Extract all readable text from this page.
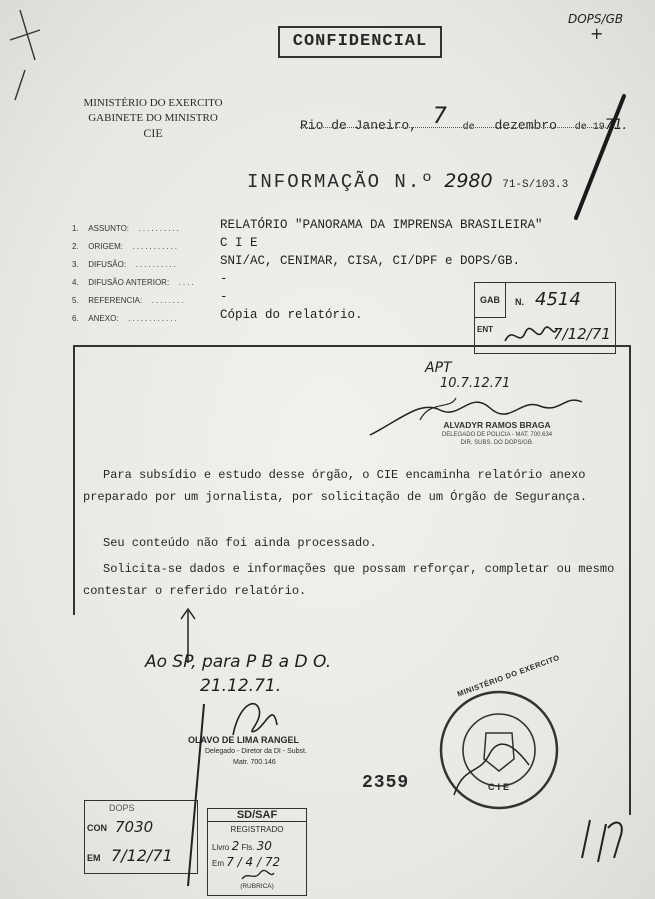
DOPS/GB
+
CONFIDENCIAL
MINISTÉRIO DO EXERCITO
GABINETE DO MINISTRO
CIE	Rio de Janeiro, 7 de dezembro de 1971.
INFORMAÇÃO N.º 2980 71-S/103.3
1. ASSUNTO: ..........	RELATÓRIO "PANORAMA DA IMPRENSA BRASILEIRA"
2. ORIGEM: ...........	C I E
3. DIFUSÃO: ..........	SNI/AC, CENIMAR, CISA, CI/DPF e DOPS/GB.
4. DIFUSÃO ANTERIOR: .... -
5. REFERENCIA: ........	-
6. ANEXO: ............	Cópia do relatório.
GAB	N. 4514
ENT	7/12/71
APT
10.7.12.71
ALVADYR RAMOS BRAGA
DELEGADO DE POLICIA - MAT. 700.634
DIR. SUBS. DO DOPS/GB.
Para subsídio e estudo desse órgão, o CIE encaminha relatório anexo preparado por um jornalista, por solicitação de um Órgão de Segurança.
Seu conteúdo não foi ainda processado.
Solicita-se dados e informações que possam reforçar, completar ou mesmo contestar o referido relatório.
Ao SP, para P B a D O.
21.12.71.
OLAVO DE LIMA RANGEL
Delegado - Diretor da DI - Subst.
Matr. 700.146
2359
MINISTÉRIO DO EXERCITO
CIE
DOPS
CON 7030
EM 7/12/71
SD/SAF
REGISTRADO
Livro 2 Fls. 30
Em 7 / 4 / 72
(RUBRICA)
